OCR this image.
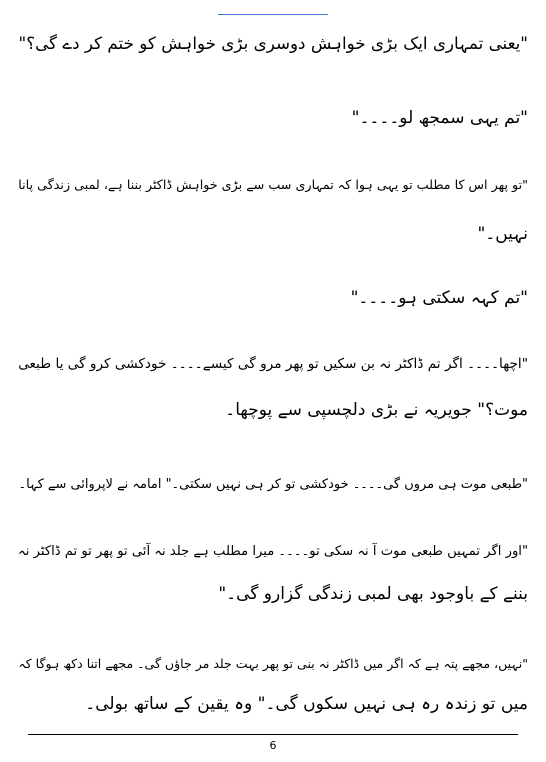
"یعنی تمہاری ایک بڑی خواہش دوسری بڑی خواہش کو ختم کر دے گی؟"
"تم یہی سمجھ لو۔۔۔۔"
"تو پھر اس کا مطلب تو یہی ہوا کہ تمہاری سب سے بڑی خواہش ڈاکٹر بننا ہے، لمبی زندگی پانا
نہیں۔"
"تم کہہ سکتی ہو۔۔۔۔"
"اچھا۔۔۔۔ اگر تم ڈاکٹر نہ بن سکیں تو پھر مرو گی کیسے۔۔۔۔ خودکشی کرو گی یا طبعی
موت؟" جویریہ نے بڑی دلچسپی سے پوچھا۔
"طبعی موت ہی مروں گی۔۔۔۔ خودکشی تو کر ہی نہیں سکتی۔" امامہ نے لاپروائی سے کہا۔
"اور اگر تمہیں طبعی موت آ نہ سکی تو۔۔۔۔ میرا مطلب ہے جلد نہ آئی تو پھر تو تم ڈاکٹر نہ
بننے کے باوجود بھی لمبی زندگی گزارو گی۔"
"نہیں، مجھے پتہ ہے کہ اگر میں ڈاکٹر نہ بنی تو پھر بہت جلد مر جاؤں گی۔ مجھے اتنا دکھ ہوگا کہ
میں تو زندہ رہ ہی نہیں سکوں گی۔" وہ یقین کے ساتھ بولی۔
6
